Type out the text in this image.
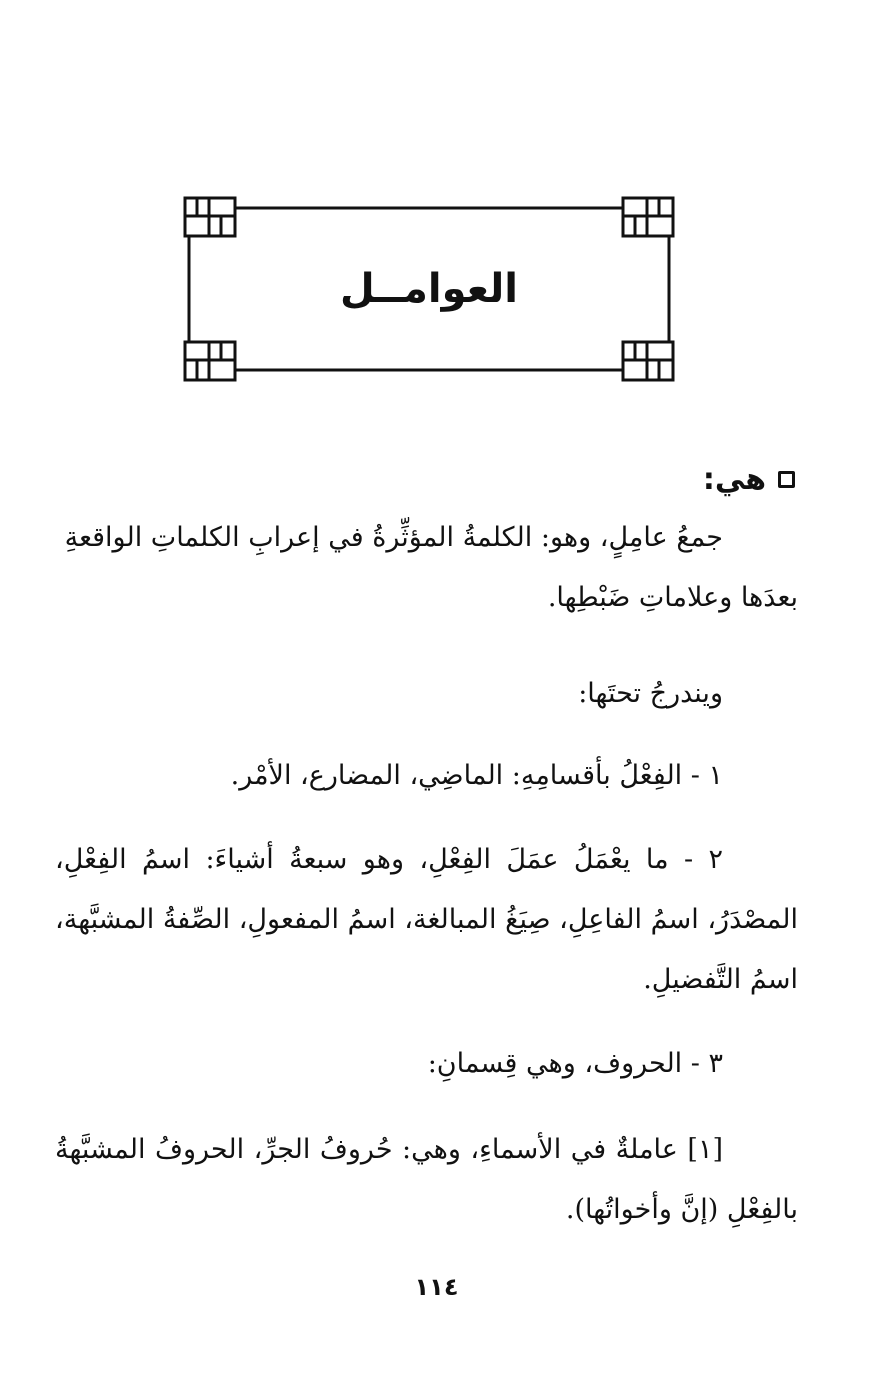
العوامــل
هي:

جمعُ عامِلٍ، وهو: الكلمةُ المؤثِّرةُ في إعرابِ الكلماتِ الواقعةِ بعدَها وعلاماتِ ضَبْطِها.

ويندرجُ تحتَها:

١ - الفِعْلُ بأقسامِهِ: الماضِي، المضارع، الأمْر.

٢ - ما يعْمَلُ عمَلَ الفِعْلِ، وهو سبعةُ أشياءَ: اسمُ الفِعْلِ، المصْدَرُ، اسمُ الفاعِلِ، صِيَغُ المبالغة، اسمُ المفعولِ، الصِّفةُ المشبَّهة، اسمُ التَّفضيلِ.

٣ - الحروف، وهي قِسمانِ:

[١] عاملةٌ في الأسماءِ، وهي: حُروفُ الجرِّ، الحروفُ المشبَّهةُ بالفِعْلِ (إنَّ وأخواتُها).

١١٤
